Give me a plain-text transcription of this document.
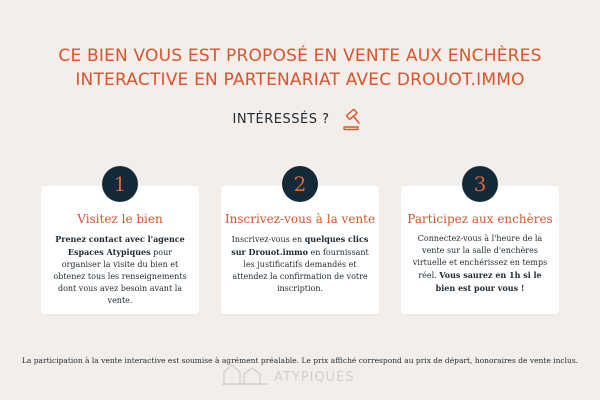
CE BIEN VOUS EST PROPOSÉ EN VENTE AUX ENCHÈRES
INTERACTIVE EN PARTENARIAT AVEC DROUOT.IMMO
INTÉRESSÉS ?
Visitez le bien
Prenez contact avec l'agence Espaces Atypiques pour organiser la visite du bien et obtenez tous les renseignements dont vous avez besoin avant la vente.
Inscrivez-vous à la vente
Inscrivez-vous en quelques clics sur Drouot.immo en fournissant les justificatifs demandés et attendez la confirmation de votre inscription.
Participez aux enchères
Connectez-vous à l'heure de la vente sur la salle d'enchères virtuelle et enchérissez en temps réel. Vous saurez en 1h si le bien est pour vous !
1	2	3
ATYPIQUES
La participation à la vente interactive est soumise à agrément préalable. Le prix affiché correspond au prix de départ, honoraires de vente inclus.
